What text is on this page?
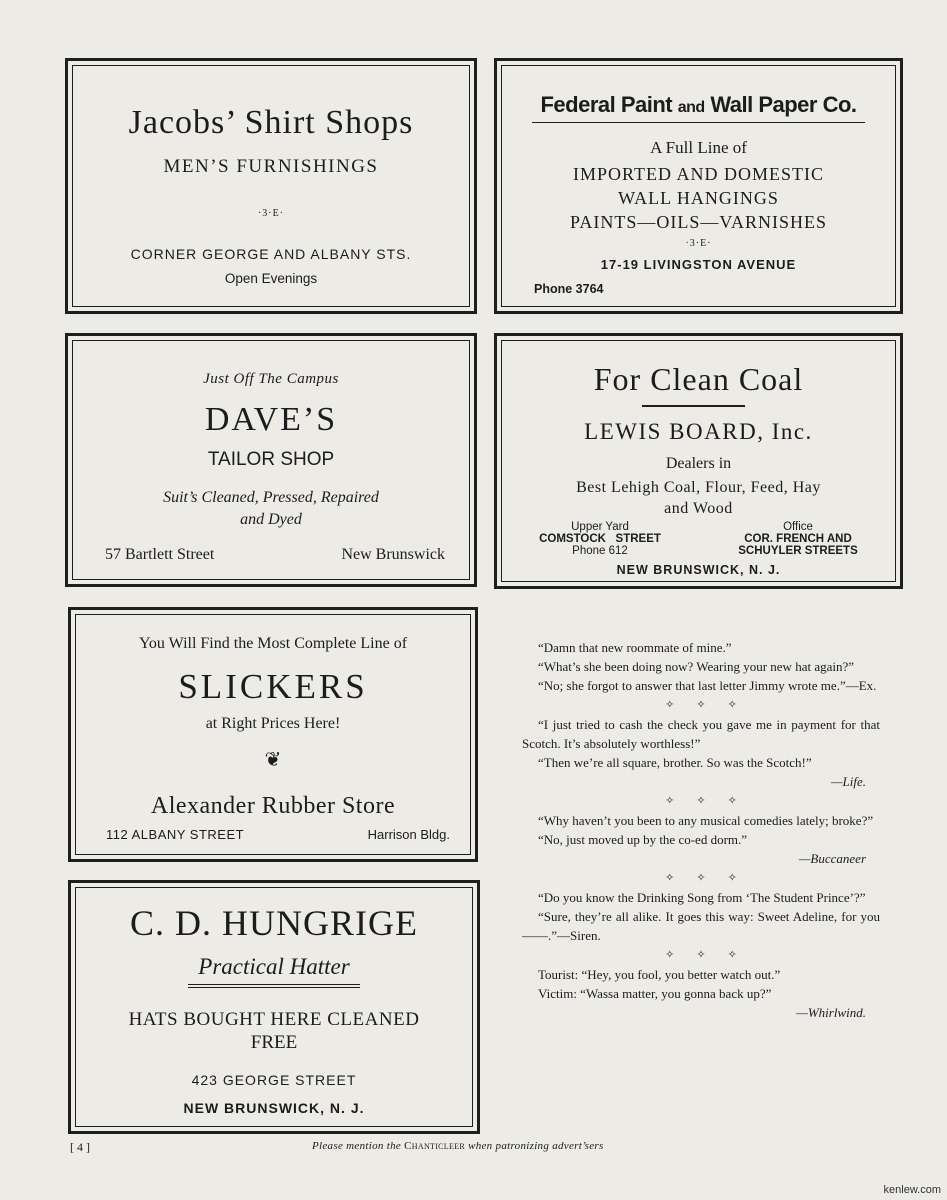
Jacobs’ Shirt Shops
MEN’S FURNISHINGS
·3·E·
CORNER GEORGE AND ALBANY STS.
Open Evenings
Federal Paint and Wall Paper Co.
A Full Line of
IMPORTED AND DOMESTIC
WALL HANGINGS
PAINTS—OILS—VARNISHES
·3·E·
17-19 LIVINGSTON AVENUE
Phone 3764
Just Off The Campus
DAVE’S
TAILOR SHOP
Suit’s Cleaned, Pressed, Repaired
and Dyed
57 Bartlett Street	New Brunswick
For Clean Coal
LEWIS BOARD, Inc.
Dealers in
Best Lehigh Coal, Flour, Feed, Hay
and Wood
Upper Yard
COMSTOCK   STREET
Phone 612
Office
COR. FRENCH AND
SCHUYLER STREETS
NEW BRUNSWICK, N. J.
You Will Find the Most Complete Line of
SLICKERS
at Right Prices Here!
❦
Alexander Rubber Store
112 ALBANY STREET	Harrison Bldg.
C. D. HUNGRIGE
Practical Hatter
HATS BOUGHT HERE CLEANED
FREE
423 GEORGE STREET
NEW BRUNSWICK, N. J.

“Damn that new roommate of mine.”

“What’s she been doing now? Wearing your new hat again?”

“No; she forgot to answer that last letter Jimmy wrote me.”—Ex.

✧✧✧

“I just tried to cash the check you gave me in payment for that Scotch. It’s absolutely worthless!”

“Then we’re all square, brother. So was the Scotch!”

—Life.

✧✧✧

“Why haven’t you been to any musical comedies lately; broke?”

“No, just moved up by the co-ed dorm.”

—Buccaneer

✧✧✧

“Do you know the Drinking Song from ‘The Student Prince’?”

“Sure, they’re all alike. It goes this way: Sweet Adeline, for you——.”—Siren.

✧✧✧

Tourist: “Hey, you fool, you better watch out.”

Victim: “Wassa matter, you gonna back up?”

—Whirlwind.

[ 4 ]	Please mention the Chanticleer when patronizing advert’sers
kenlew.com
